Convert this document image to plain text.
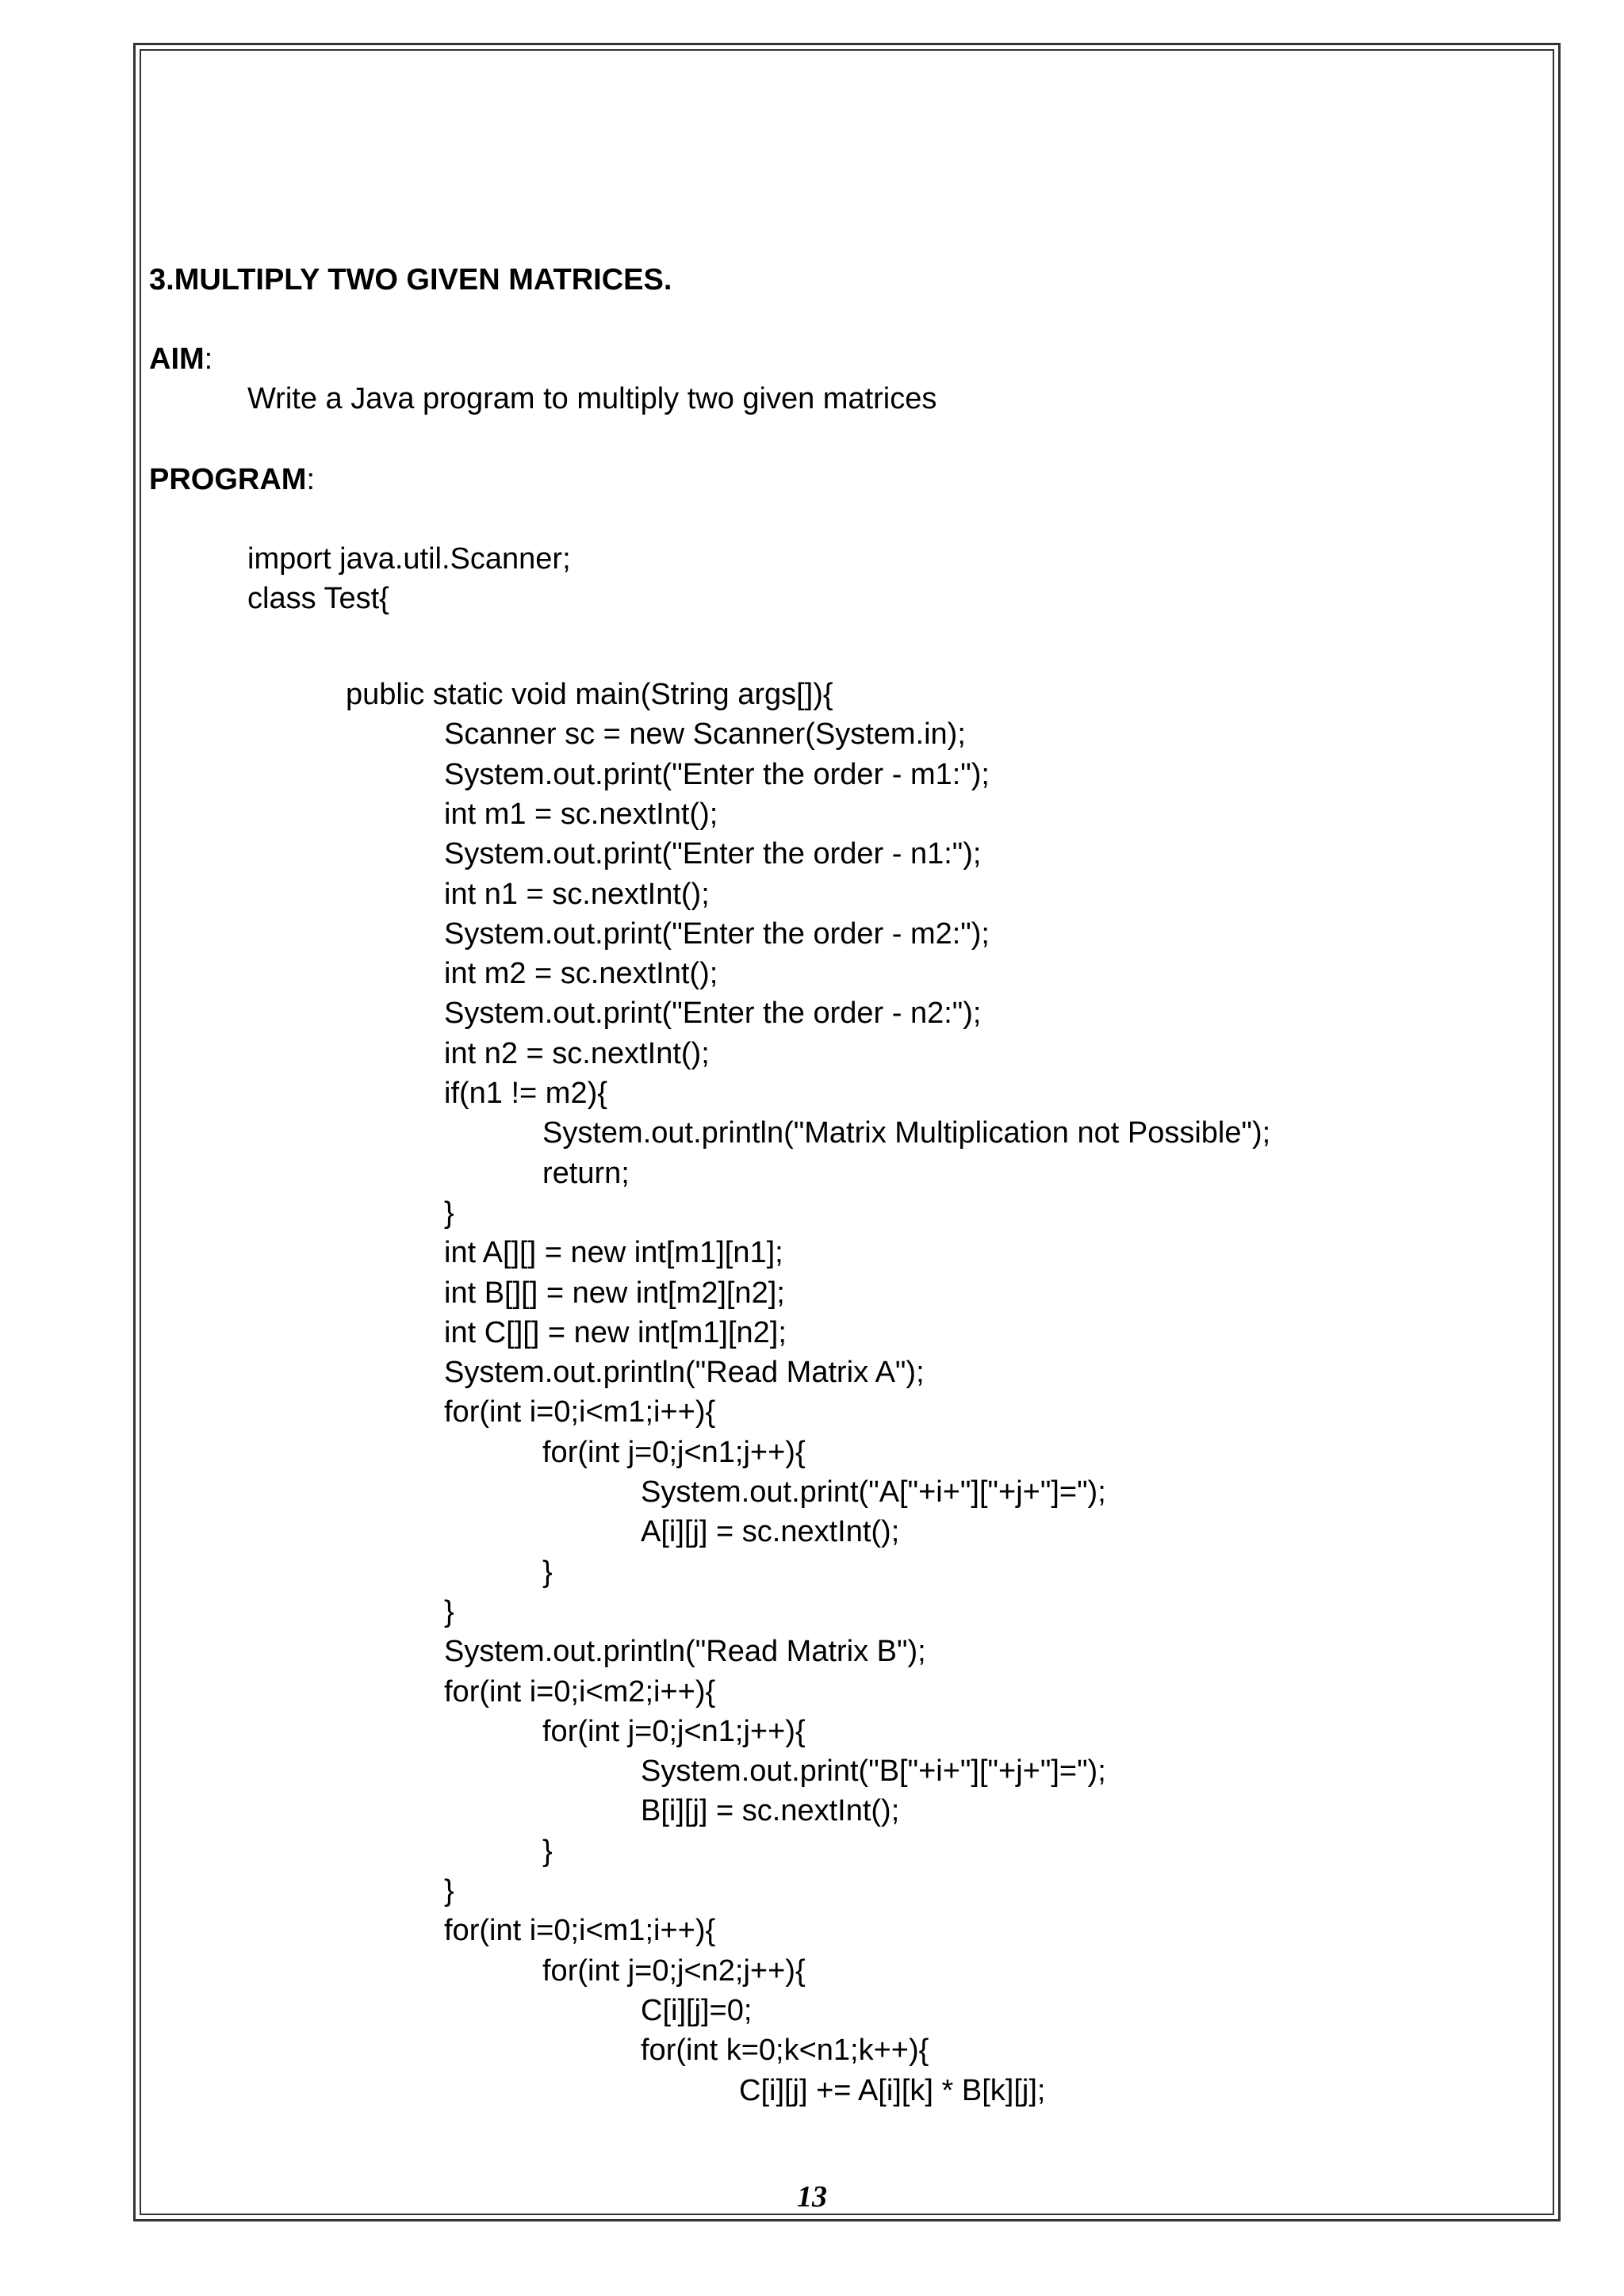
3.MULTIPLY TWO GIVEN MATRICES.
AIM:
Write a Java program to multiply two given matrices
PROGRAM:
import java.util.Scanner;
class Test{
public static void main(String args[]){
Scanner sc = new Scanner(System.in);
System.out.print("Enter the order - m1:");
int m1 = sc.nextInt();
System.out.print("Enter the order - n1:");
int n1 = sc.nextInt();
System.out.print("Enter the order - m2:");
int m2 = sc.nextInt();
System.out.print("Enter the order - n2:");
int n2 = sc.nextInt();
if(n1 != m2){
System.out.println("Matrix Multiplication not Possible");
return;
}
int A[][] = new int[m1][n1];
int B[][] = new int[m2][n2];
int C[][] = new int[m1][n2];
System.out.println("Read Matrix A");
for(int i=0;i<m1;i++){
for(int j=0;j<n1;j++){
System.out.print("A["+i+"]["+j+"]=");
A[i][j] = sc.nextInt();
}
}
System.out.println("Read Matrix B");
for(int i=0;i<m2;i++){
for(int j=0;j<n1;j++){
System.out.print("B["+i+"]["+j+"]=");
B[i][j] = sc.nextInt();
}
}
for(int i=0;i<m1;i++){
for(int j=0;j<n2;j++){
C[i][j]=0;
for(int k=0;k<n1;k++){
C[i][j] += A[i][k] * B[k][j];
13
